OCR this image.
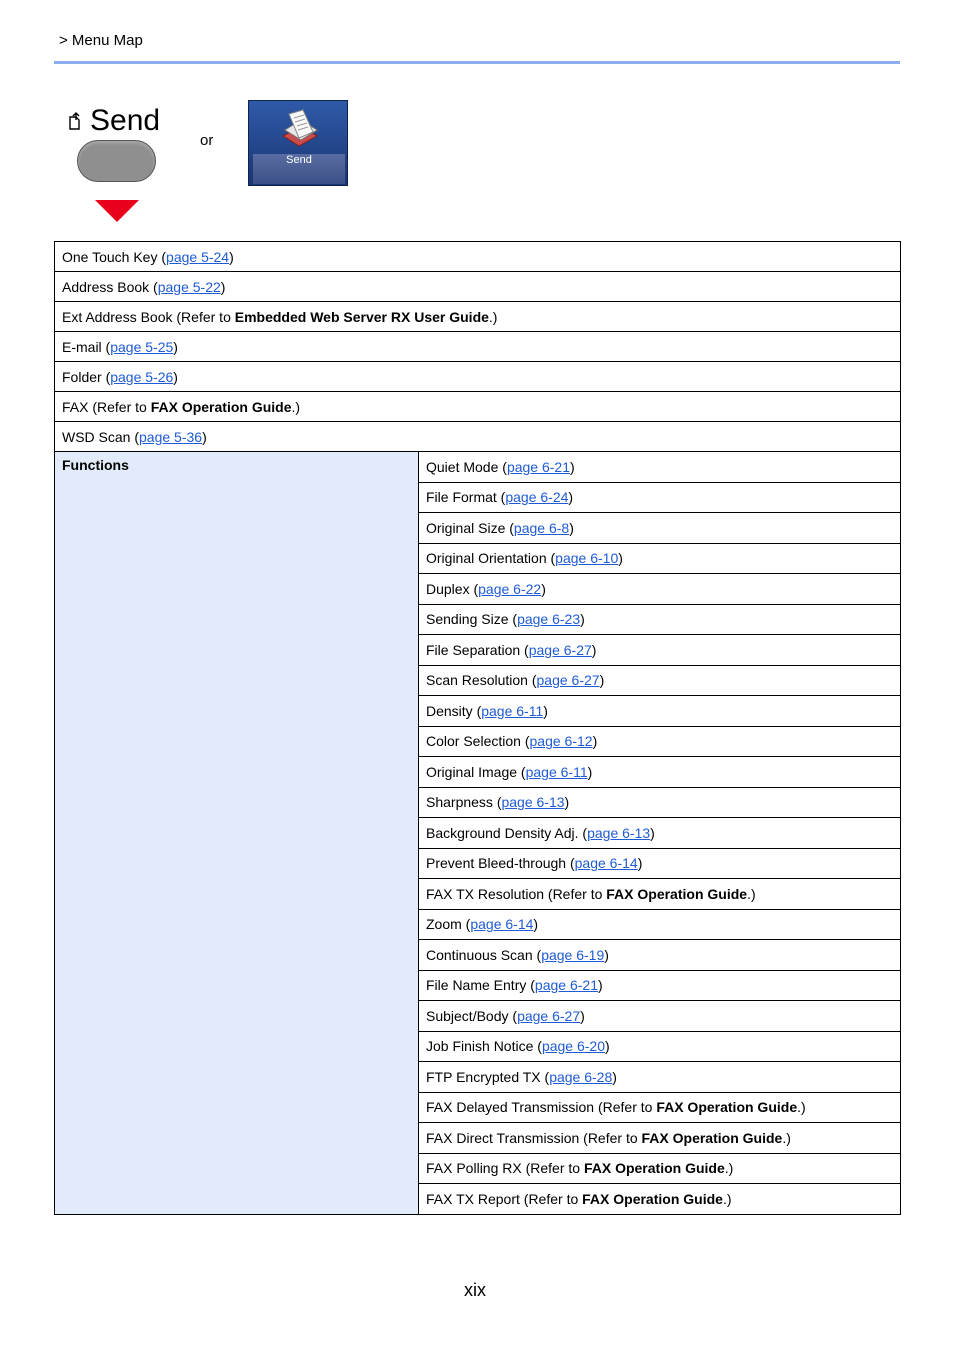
> Menu Map
Send
or
Send
One Touch Key (page 5-24)
Address Book (page 5-22)
Ext Address Book (Refer to Embedded Web Server RX User Guide.)
E-mail (page 5-25)
Folder (page 5-26)
FAX (Refer to FAX Operation Guide.)
WSD Scan (page 5-36)
Functions	Quiet Mode (page 6-21)
File Format (page 6-24)
Original Size (page 6-8)
Original Orientation (page 6-10)
Duplex (page 6-22)
Sending Size (page 6-23)
File Separation (page 6-27)
Scan Resolution (page 6-27)
Density (page 6-11)
Color Selection (page 6-12)
Original Image (page 6-11)
Sharpness (page 6-13)
Background Density Adj. (page 6-13)
Prevent Bleed-through (page 6-14)
FAX TX Resolution (Refer to FAX Operation Guide.)
Zoom (page 6-14)
Continuous Scan (page 6-19)
File Name Entry (page 6-21)
Subject/Body (page 6-27)
Job Finish Notice (page 6-20)
FTP Encrypted TX (page 6-28)
FAX Delayed Transmission (Refer to FAX Operation Guide.)
FAX Direct Transmission (Refer to FAX Operation Guide.)
FAX Polling RX (Refer to FAX Operation Guide.)
FAX TX Report (Refer to FAX Operation Guide.)
xix
